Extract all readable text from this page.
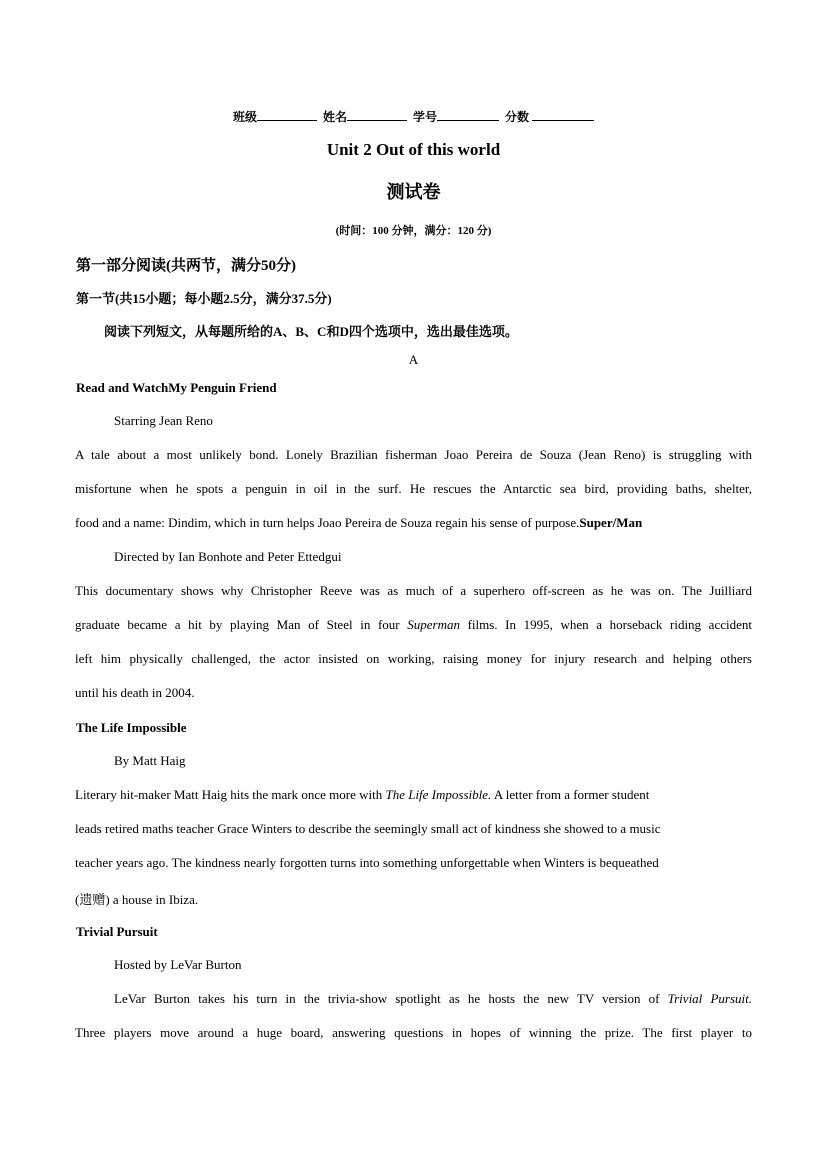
班级	姓名	学号	分数
Unit 2 Out of this world
测试卷
(时间：100 分钟，满分：120 分)
第一部分阅读(共两节，满分50分)
第一节(共15小题；每小题2.5分，满分37.5分)
阅读下列短文，从每题所给的A、B、C和D四个选项中，选出最佳选项。
A
Read and WatchMy Penguin Friend
Starring Jean Reno
A tale about a most unlikely bond. Lonely Brazilian fisherman Joao Pereira de Souza (Jean Reno) is struggling with
misfortune when he spots a penguin in oil in the surf. He rescues the Antarctic sea bird, providing baths, shelter,
food and a name: Dindim, which in turn helps Joao Pereira de Souza regain his sense of purpose.Super/Man
Directed by Ian Bonhote and Peter Ettedgui
This documentary shows why Christopher Reeve was as much of a superhero off-screen as he was on. The Juilliard
graduate became a hit by playing Man of Steel in four Superman films. In 1995, when a horseback riding accident
left him physically challenged, the actor insisted on working, raising money for injury research and helping others
until his death in 2004.
The Life Impossible
By Matt Haig
Literary hit-maker Matt Haig hits the mark once more with The Life Impossible. A letter from a former student
leads retired maths teacher Grace Winters to describe the seemingly small act of kindness she showed to a music
teacher years ago. The kindness nearly forgotten turns into something unforgettable when Winters is bequeathed
(遗赠) a house in Ibiza.
Trivial Pursuit
Hosted by LeVar Burton
LeVar Burton takes his turn in the trivia-show spotlight as he hosts the new TV version of Trivial Pursuit.
Three players move around a huge board, answering questions in hopes of winning the prize. The first player to
